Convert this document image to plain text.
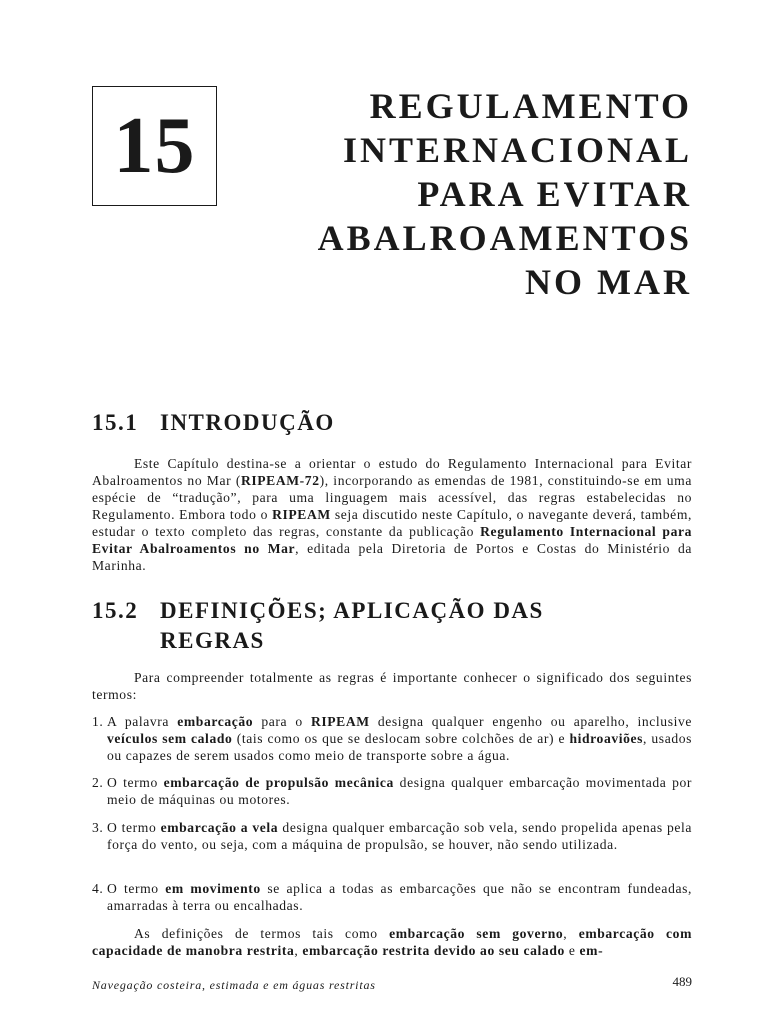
15	REGULAMENTO
INTERNACIONAL
PARA EVITAR
ABALROAMENTOS
NO MAR
15.1 INTRODUÇÃO

Este Capítulo destina-se a orientar o estudo do Regulamento Internacional para Evitar Abalroamentos no Mar (RIPEAM-72), incorporando as emendas de 1981, constituindo-se em uma espécie de “tradução”, para uma linguagem mais acessível, das regras estabelecidas no Regulamento. Embora todo o RIPEAM seja discutido neste Capítulo, o navegante deverá, também, estudar o texto completo das regras, constante da publicação Regulamento Internacional para Evitar Abalroamentos no Mar, editada pela Diretoria de Portos e Costas do Ministério da Marinha.

15.2 DEFINIÇÕES; APLICAÇÃO DAS
REGRAS

Para compreender totalmente as regras é importante conhecer o significado dos seguintes termos:

1. A palavra embarcação para o RIPEAM designa qualquer engenho ou aparelho, inclusive veículos sem calado (tais como os que se deslocam sobre colchões de ar) e hidroaviões, usados ou capazes de serem usados como meio de transporte sobre a água.
2. O termo embarcação de propulsão mecânica designa qualquer embarcação movimentada por meio de máquinas ou motores.
3. O termo embarcação a vela designa qualquer embarcação sob vela, sendo propelida apenas pela força do vento, ou seja, com a máquina de propulsão, se houver, não sendo utilizada.
4. O termo em movimento se aplica a todas as embarcações que não se encontram fundeadas, amarradas à terra ou encalhadas.

As definições de termos tais como embarcação sem governo, embarcação com capacidade de manobra restrita, embarcação restrita devido ao seu calado e em-

Navegação costeira, estimada e em águas restritas	489
